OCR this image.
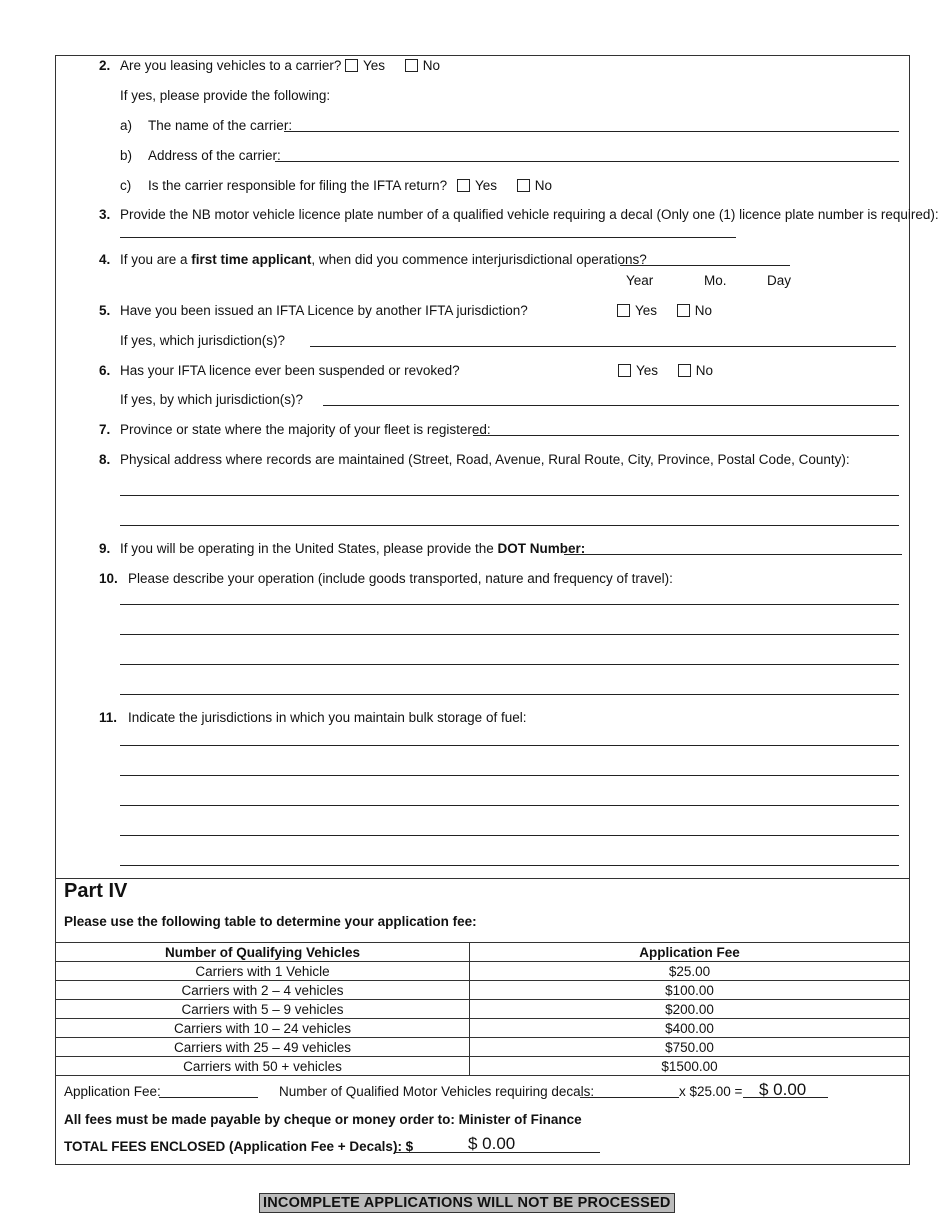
2. Are you leasing vehicles to a carrier?	Yes	No
If yes, please provide the following:
a) The name of the carrier:
b) Address of the carrier:
c) Is the carrier responsible for filing the IFTA return?	Yes	No
3. Provide the NB motor vehicle licence plate number of a qualified vehicle requiring a decal (Only one (1) licence plate number is required):
4. If you are a first time applicant, when did you commence interjurisdictional operations?
Year	Mo.	Day
5. Have you been issued an IFTA Licence by another IFTA jurisdiction?	Yes	No
If yes, which jurisdiction(s)?
6. Has your IFTA licence ever been suspended or revoked?	Yes	No
If yes, by which jurisdiction(s)?
7. Province or state where the majority of your fleet is registered:
8. Physical address where records are maintained (Street, Road, Avenue, Rural Route, City, Province, Postal Code, County):
9. If you will be operating in the United States, please provide the DOT Number:
10. Please describe your operation (include goods transported, nature and frequency of travel):
11. Indicate the jurisdictions in which you maintain bulk storage of fuel:
Part IV
Please use the following table to determine your application fee:
Number of Qualifying Vehicles	Application Fee
Carriers with 1 Vehicle	$25.00
Carriers with 2 – 4 vehicles	$100.00
Carriers with 5 – 9 vehicles	$200.00
Carriers with 10 – 24 vehicles	$400.00
Carriers with 25 – 49 vehicles	$750.00
Carriers with 50 + vehicles	$1500.00
Application Fee:	Number of Qualified Motor Vehicles requiring decals:	x $25.00 = $ 0.00
All fees must be made payable by cheque or money order to: Minister of Finance
TOTAL FEES ENCLOSED (Application Fee + Decals): $	$ 0.00
INCOMPLETE APPLICATIONS WILL NOT BE PROCESSED
